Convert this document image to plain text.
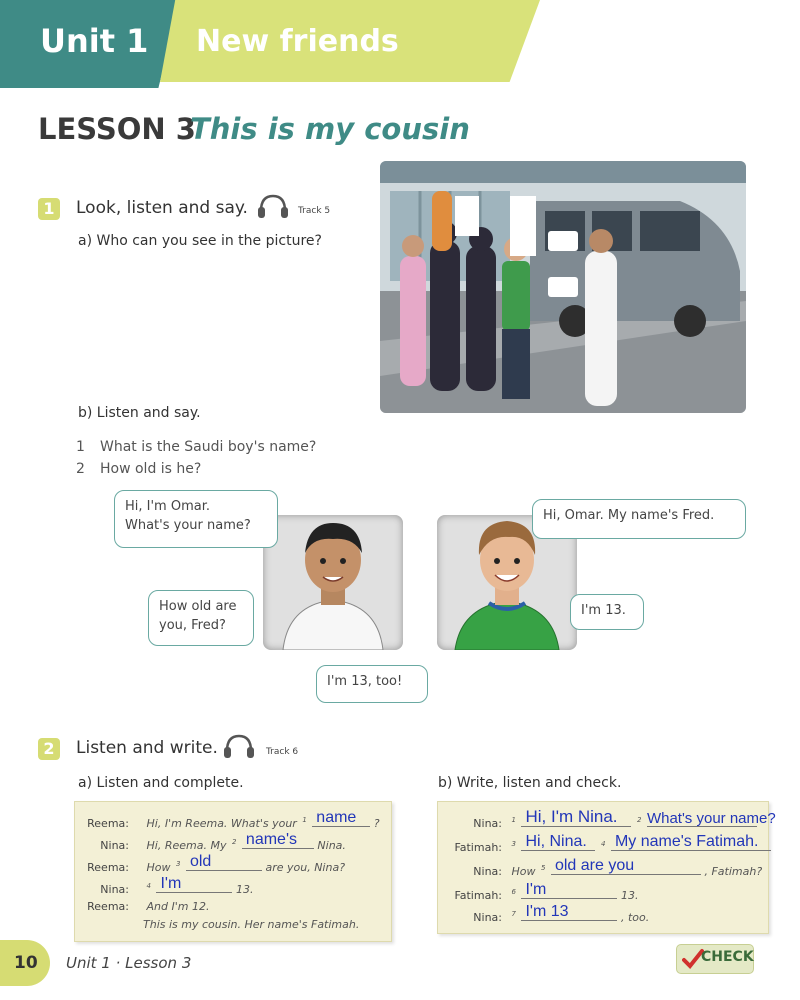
Unit 1 New friends
LESSON 3
This is my cousin
1	Look, listen and say.	Track 5
a) Who can you see in the picture?
b) Listen and say.
1 What is the Saudi boy's name?
2 How old is he?
Hi, I'm Omar.
What's your name?
How old are
you, Fred?
I'm 13, too!
Hi, Omar. My name's Fred.
I'm 13.
2	Listen and write.	Track 6
a) Listen and complete.	b) Write, listen and check.
Reema: Hi, I'm Reema. What's your $^1$ name ?
Nina: Hi, Reema. My $^2$ name's Nina.
Reema: How $^3$ old	are you, Nina?
Nina:	$^4$ I'm	13.
Reema: And I'm 12.
This is my cousin. Her name's Fatimah.
Nina: $^1$ Hi, I'm Nina.	$^2$ What's your name?
Fatimah: $^3$ Hi, Nina. $^4$ My name's Fatimah.
Nina: How $^5$ old are you	, Fatimah?
Fatimah: $^6$ I'm	13.
Nina: $^7$ I'm 13	, too.
10	Unit 1 · Lesson 3	CHECK
